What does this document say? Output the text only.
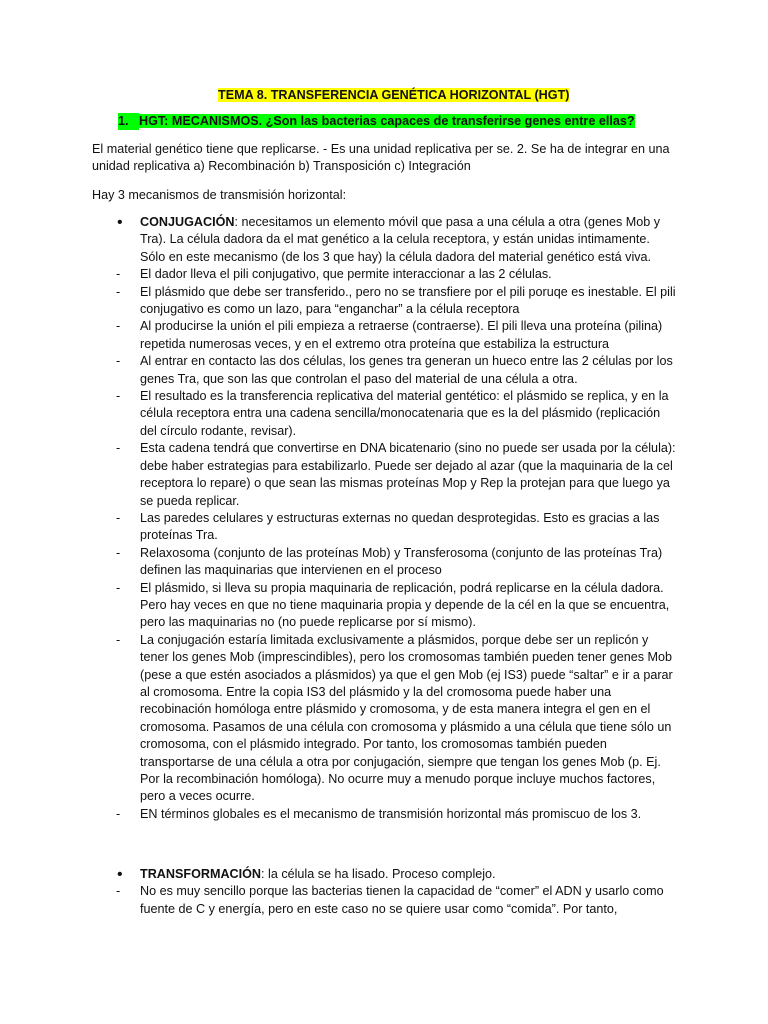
TEMA 8. TRANSFERENCIA GENÉTICA HORIZONTAL (HGT)

1. HGT: MECANISMOS. ¿Son las bacterias capaces de transferirse genes entre ellas?

El material genético tiene que replicarse. - Es una unidad replicativa per se. 2. Se ha de integrar en una unidad replicativa a) Recombinación b) Transposición c) Integración

Hay 3 mecanismos de transmisión horizontal:

•
CONJUGACIÓN: necesitamos un elemento móvil que pasa a una célula a otra (genes Mob y Tra). La célula dadora da el mat genético a la celula receptora, y están unidas intimamente. Sólo en este mecanismo (de los 3 que hay) la célula dadora del material genético está viva.
-	El dador lleva el pili conjugativo, que permite interaccionar a las 2 células.
-	El plásmido que debe ser transferido., pero no se transfiere por el pili poruqe es inestable. El pili conjugativo es como un lazo, para “enganchar” a la célula receptora
-	Al producirse la unión el pili empieza a retraerse (contraerse). El pili lleva una proteína (pilina) repetida numerosas veces, y en el extremo otra proteína que estabiliza la estructura
-	Al entrar en contacto las dos células, los genes tra generan un hueco entre las 2 células por los genes Tra, que son las que controlan el paso del material de una célula a otra.
-	El resultado es la transferencia replicativa del material gentético: el plásmido se replica, y en la célula receptora entra una cadena sencilla/monocatenaria que es la del plásmido (replicación del círculo rodante, revisar).
-	Esta cadena tendrá que convertirse en DNA bicatenario (sino no puede ser usada por la célula): debe haber estrategias para estabilizarlo. Puede ser dejado al azar (que la maquinaria de la cel receptora lo repare) o que sean las mismas proteínas Mop y Rep la protejan para que luego ya se pueda replicar.
-	Las paredes celulares y estructuras externas no quedan desprotegidas. Esto es gracias a las proteínas Tra.
-	Relaxosoma (conjunto de las proteínas Mob) y Transferosoma (conjunto de las proteínas Tra) definen las maquinarias que intervienen en el proceso
-	El plásmido, si lleva su propia maquinaria de replicación, podrá replicarse en la célula dadora. Pero hay veces en que no tiene maquinaria propia y depende de la cél en la que se encuentra, pero las maquinarias no (no puede replicarse por sí mismo).
-	La conjugación estaría limitada exclusivamente a plásmidos, porque debe ser un replicón y tener los genes Mob (imprescindibles), pero los cromosomas también pueden tener genes Mob (pese a que estén asociados a plásmidos) ya que el gen Mob (ej IS3) puede “saltar” e ir a parar al cromosoma. Entre la copia IS3 del plásmido y la del cromosoma puede haber una recobinación homóloga entre plásmido y cromosoma, y de esta manera integra el gen en el cromosoma. Pasamos de una célula con cromosoma y plásmido a una célula que tiene sólo un cromosoma, con el plásmido integrado. Por tanto, los cromosomas también pueden transportarse de una célula a otra por conjugación, siempre que tengan los genes Mob (p. Ej. Por la recombinación homóloga). No ocurre muy a menudo porque incluye muchos factores, pero a veces ocurre.
-	EN términos globales es el mecanismo de transmisión horizontal más promiscuo de los 3.
•
TRANSFORMACIÓN: la célula se ha lisado. Proceso complejo.
-	No es muy sencillo porque las bacterias tienen la capacidad de “comer” el ADN y usarlo como fuente de C y energía, pero en este caso no se quiere usar como “comida”. Por tanto,
